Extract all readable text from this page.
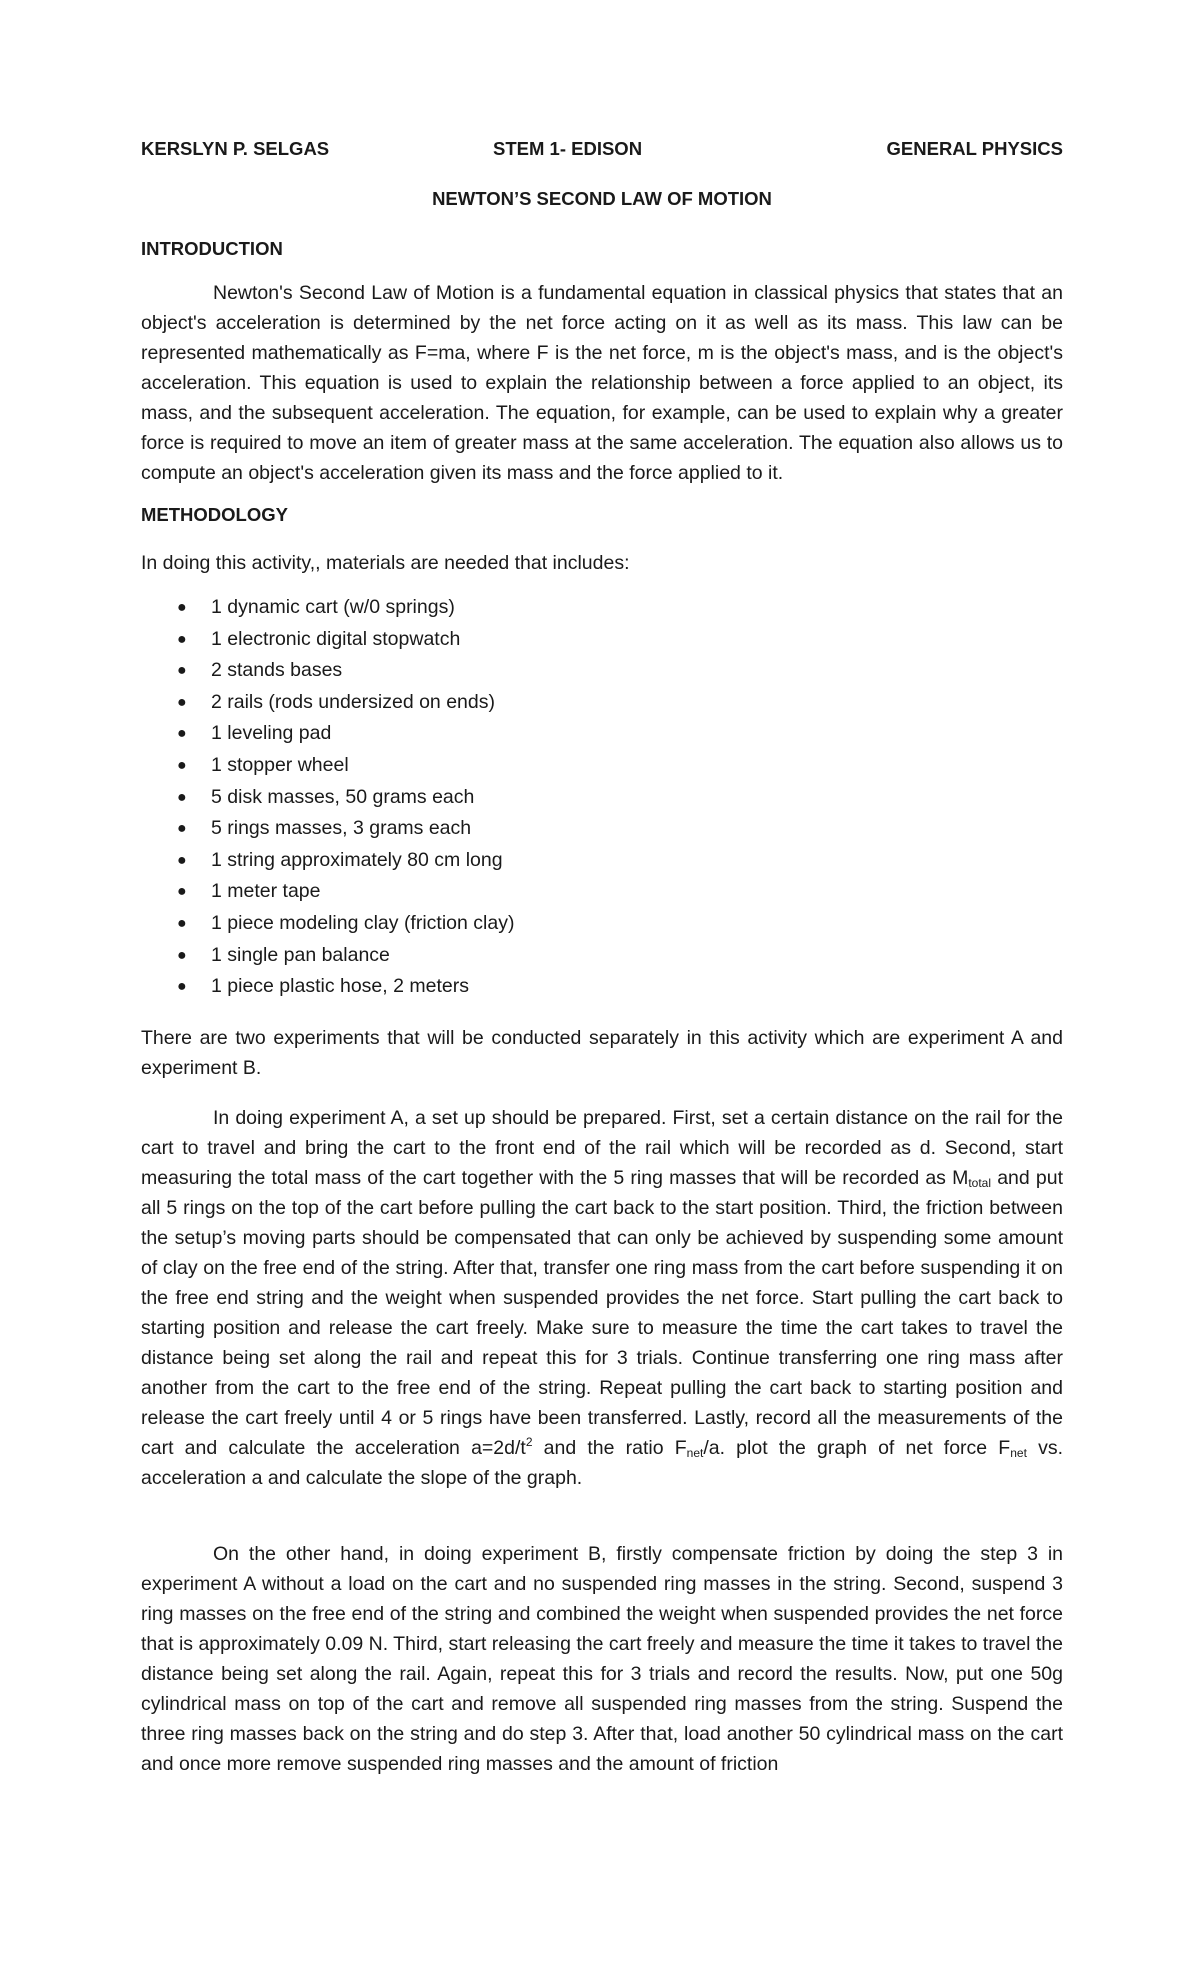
KERSLYN P. SELGAS	STEM 1- EDISON	GENERAL PHYSICS
NEWTON’S SECOND LAW OF MOTION
INTRODUCTION

Newton's Second Law of Motion is a fundamental equation in classical physics that states that an object's acceleration is determined by the net force acting on it as well as its mass. This law can be represented mathematically as F=ma, where F is the net force, m is the object's mass, and is the object's acceleration. This equation is used to explain the relationship between a force applied to an object, its mass, and the subsequent acceleration. The equation, for example, can be used to explain why a greater force is required to move an item of greater mass at the same acceleration. The equation also allows us to compute an object's acceleration given its mass and the force applied to it.

METHODOLOGY

In doing this activity,, materials are needed that includes:

● 1 dynamic cart (w/0 springs)
● 1 electronic digital stopwatch
● 2 stands bases
● 2 rails (rods undersized on ends)
● 1 leveling pad
● 1 stopper wheel
● 5 disk masses, 50 grams each
● 5 rings masses, 3 grams each
● 1 string approximately 80 cm long
● 1 meter tape
● 1 piece modeling clay (friction clay)
● 1 single pan balance
● 1 piece plastic hose, 2 meters

There are two experiments that will be conducted separately in this activity which are experiment A and experiment B.

In doing experiment A, a set up should be prepared. First, set a certain distance on the rail for the cart to travel and bring the cart to the front end of the rail which will be recorded as d. Second, start measuring the total mass of the cart together with the 5 ring masses that will be recorded as $M_{total}$ and put all 5 rings on the top of the cart before pulling the cart back to the start position. Third, the friction between the setup’s moving parts should be compensated that can only be achieved by suspending some amount of clay on the free end of the string. After that, transfer one ring mass from the cart before suspending it on the free end string and the weight when suspended provides the net force. Start pulling the cart back to starting position and release the cart freely. Make sure to measure the time the cart takes to travel the distance being set along the rail and repeat this for 3 trials. Continue transferring one ring mass after another from the cart to the free end of the string. Repeat pulling the cart back to starting position and release the cart freely until 4 or 5 rings have been transferred. Lastly, record all the measurements of the cart and calculate the acceleration $a=2d/t^2$ and the ratio $F_{net}/a$. plot the graph of net force $F_{net}$ vs. acceleration a and calculate the slope of the graph.

On the other hand, in doing experiment B, firstly compensate friction by doing the step 3 in experiment A without a load on the cart and no suspended ring masses in the string. Second, suspend 3 ring masses on the free end of the string and combined the weight when suspended provides the net force that is approximately 0.09 N. Third, start releasing the cart freely and measure the time it takes to travel the distance being set along the rail. Again, repeat this for 3 trials and record the results. Now, put one 50g cylindrical mass on top of the cart and remove all suspended ring masses from the string. Suspend the three ring masses back on the string and do step 3. After that, load another 50 cylindrical mass on the cart and once more remove suspended ring masses and the amount of friction
